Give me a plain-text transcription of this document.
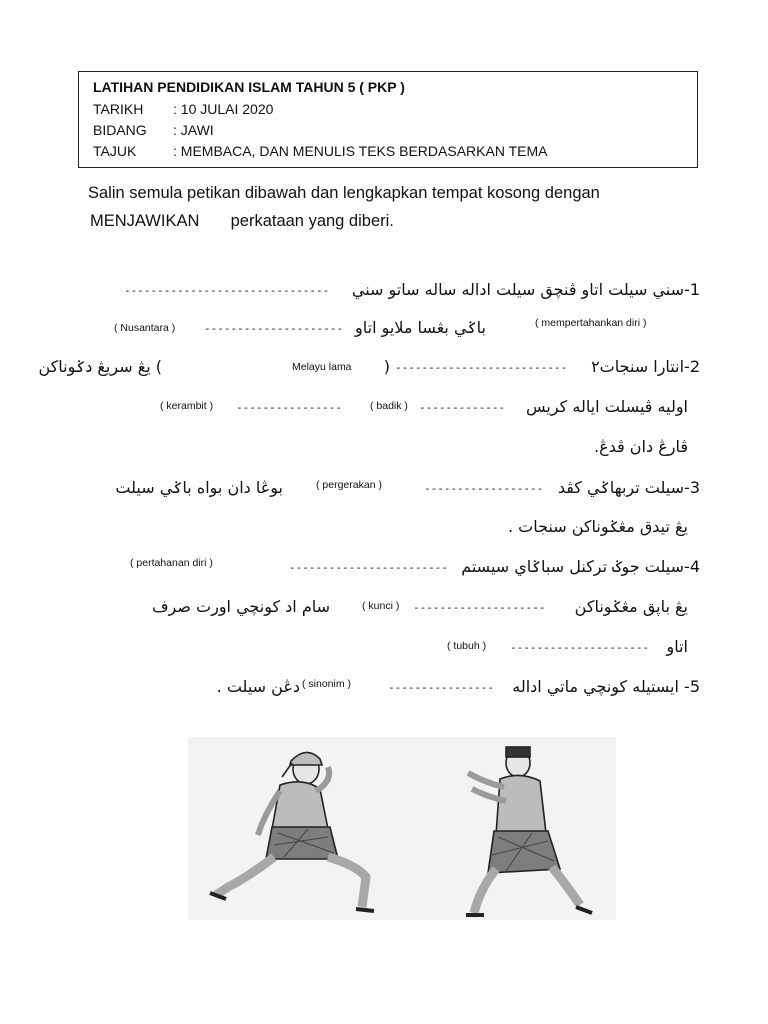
LATIHAN PENDIDIKAN ISLAM TAHUN 5 ( PKP )
TARIKH : 10 JULAI 2020
BIDANG : JAWI
TAJUK	: MEMBACA, DAN MENULIS TEKS BERDASARKAN TEMA
Salin semula petikan dibawah dan lengkapkan tempat kosong dengan
MENJAWIKAN perkataan yang diberi.
1-سني سيلت اتاو ڤنچق سيلت اداله ساله ساتو سني
-------------------------------
( mempertahankan diri )
باݢي بڠسا ملايو اتاو
---------------------
( Nusantara )
2-انتارا سنجات٢
--------------------------
(
Melayu lama
) يڠ سريڠ دݢوناكن
( kerambit ) ----------------	( badik ) ------------- اوليه ڤيسلت اياله كريس
ڤارڠ دان ڤدڠ.
3-سيلت تربهاݢي كڤد
------------------
( pergerakan )
بوڠا دان بواه باݢي سيلت
يڠ تيدق مڠݢوناكن سنجات .
( pertahanan diri )	------------------------ 4-سيلت جوݢ تركنل سباݢاي سيستم
يڠ باڽق مڠݢوناكن
--------------------
( kunci )
سام اد كونچي اورت صرف
( tubuh ) --------------------- اتاو
5- ايستيله كونچي ماتي اداله
----------------
( sinonim )
دڠن سيلت .
